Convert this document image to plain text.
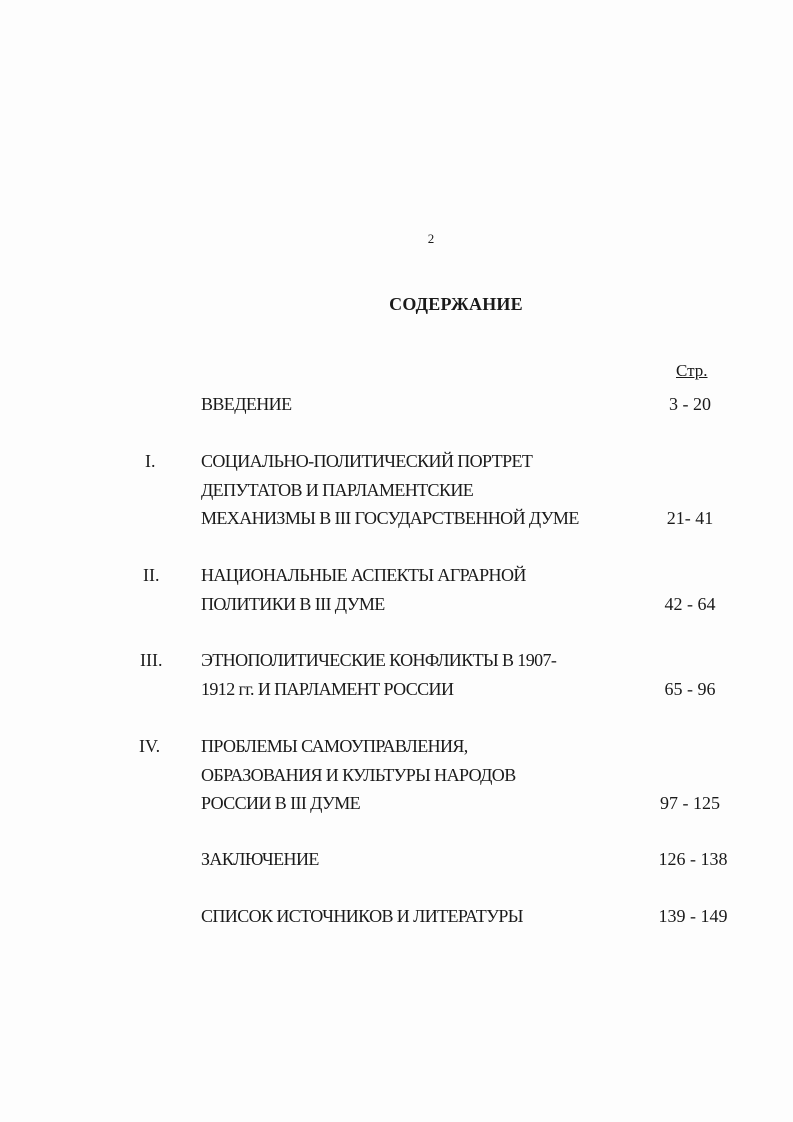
2
СОДЕРЖАНИЕ
Стр.
ВВЕДЕНИЕ	3 - 20
I.	СОЦИАЛЬНО-ПОЛИТИЧЕСКИЙ ПОРТРЕТ
ДЕПУТАТОВ И ПАРЛАМЕНТСКИЕ
МЕХАНИЗМЫ В III ГОСУДАРСТВЕННОЙ ДУМЕ	21- 41
II. НАЦИОНАЛЬНЫЕ АСПЕКТЫ АГРАРНОЙ
ПОЛИТИКИ В III ДУМЕ	42 - 64
III. ЭТНОПОЛИТИЧЕСКИЕ КОНФЛИКТЫ В 1907-
1912 гг. И ПАРЛАМЕНТ РОССИИ	65 - 96
IV. ПРОБЛЕМЫ САМОУПРАВЛЕНИЯ,
ОБРАЗОВАНИЯ И КУЛЬТУРЫ НАРОДОВ
РОССИИ В III ДУМЕ	97 - 125
ЗАКЛЮЧЕНИЕ	126 - 138
СПИСОК ИСТОЧНИКОВ И ЛИТЕРАТУРЫ	139 - 149
